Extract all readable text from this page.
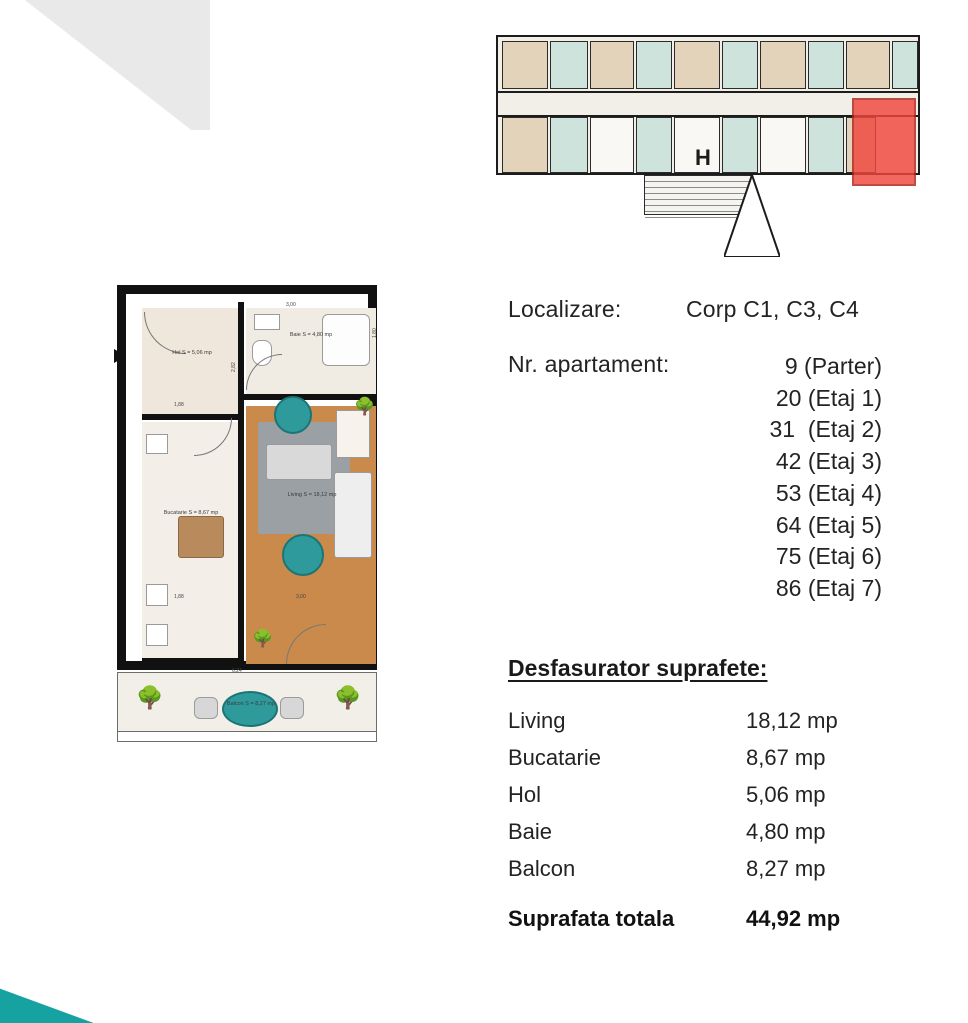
H
🌳
🌳
Hol S = 5,06 mp
Baie S = 4,80 mp
Bucatarie S = 8,67 mp
Living S = 18,12 mp
1,88
2,82
3,00
1,80
1,88	3,00
🌳	🌳
Balcon S = 8,27 mp
6,24
Localizare:	Corp C1, C3, C4
Nr. apartament:	9 (Parter)
20 (Etaj 1)
31  (Etaj 2)
42 (Etaj 3)
53 (Etaj 4)
64 (Etaj 5)
75 (Etaj 6)
86 (Etaj 7)
Desfasurator suprafete:
Living	18,12 mp
Bucatarie	8,67 mp
Hol	5,06 mp
Baie	4,80 mp
Balcon	8,27 mp
Suprafata totala	44,92 mp
